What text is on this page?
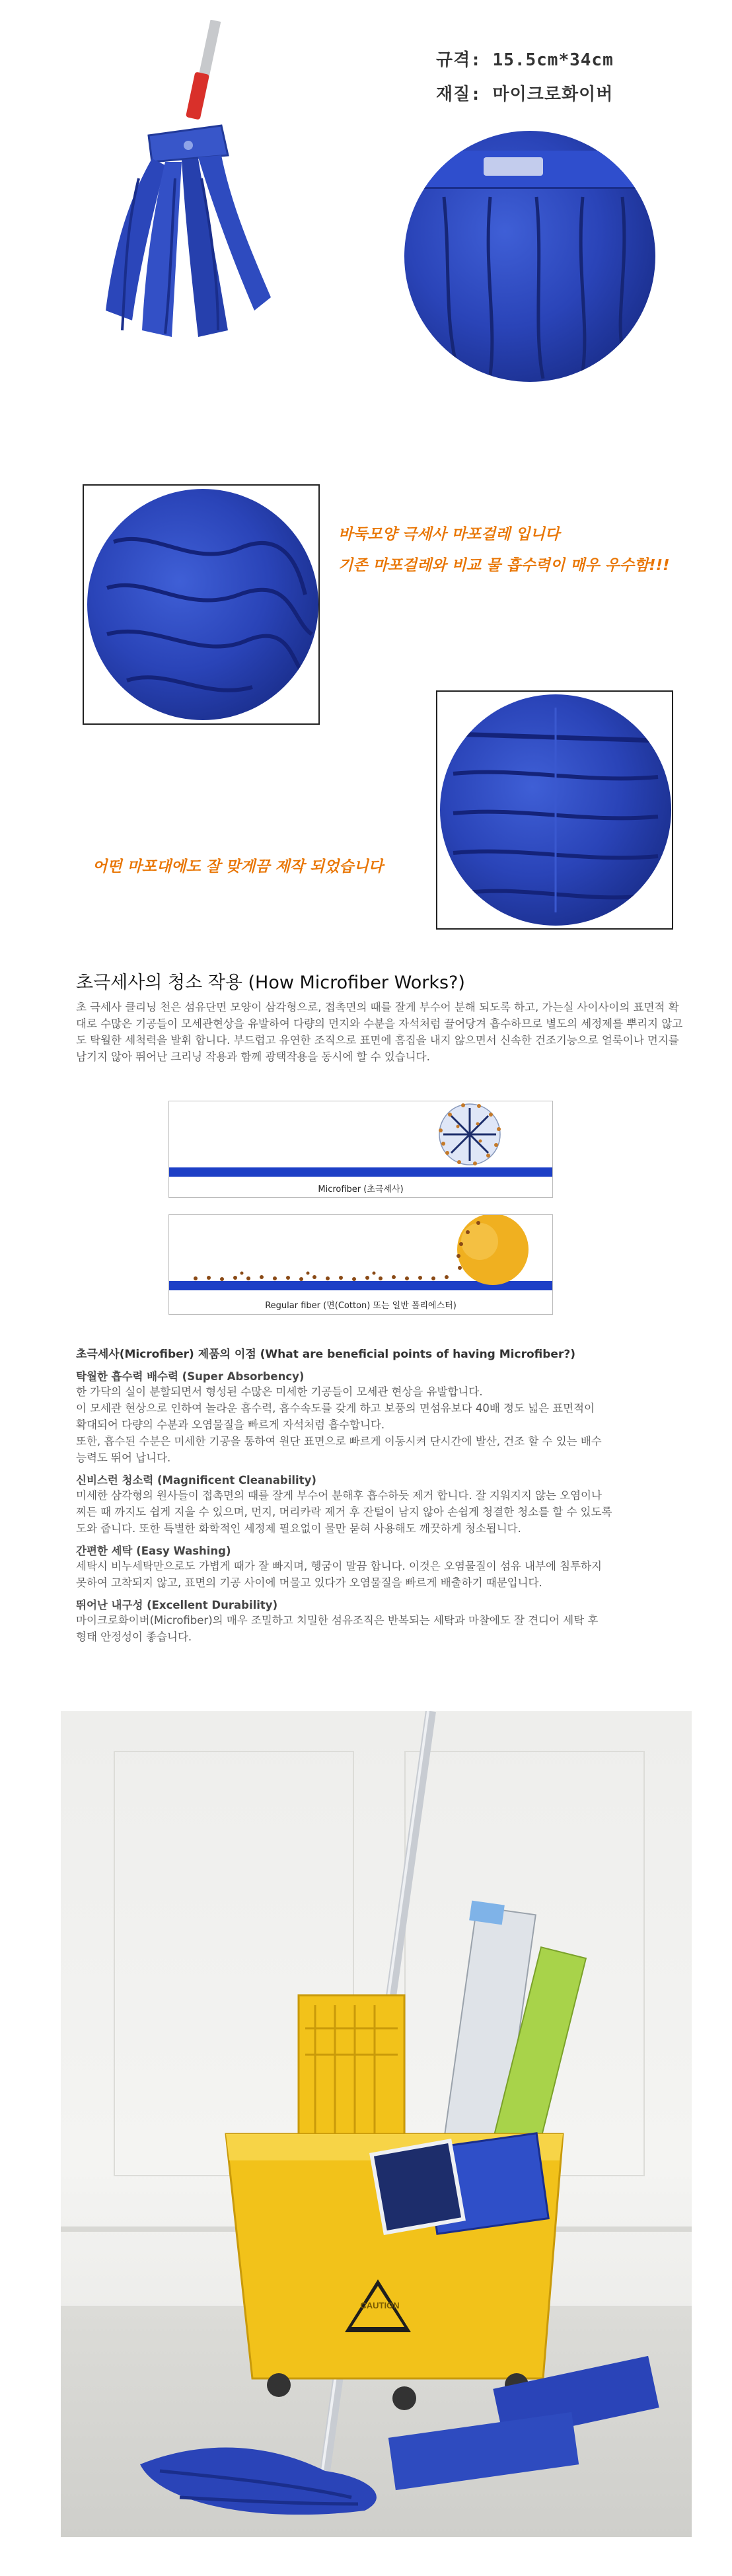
규격: 15.5cm*34cm
재질: 마이크로화이버
바둑모양 극세사 마포걸레 입니다
기존 마포걸레와 비교 물 흡수력이 매우 우수함!!!
어떤 마포대에도 잘 맞게끔 제작 되었습니다
초극세사의 청소 작용 (How Microfiber Works?)
초 극세사 클리닝 천은 섬유단면 모양이 삼각형으로, 접촉면의 때를 잘게 부수어 분해 되도록 하고, 가는실 사이사이의 표면적 확대로 수많은 기공들이 모세관현상을 유발하여 다량의 먼지와 수분을 자석처럼 끌어당겨 흡수하므로 별도의 세정제를 뿌리지 않고도 탁월한 세척력을 발휘 합니다. 부드럽고 유연한 조직으로 표면에 흠집을 내지 않으면서 신속한 건조기능으로 얼룩이나 먼지를 남기지 않아 뛰어난 크리닝 작용과 함께 광택작용을 동시에 할 수 있습니다.
Microfiber (초극세사)
Regular fiber (면(Cotton) 또는 일반 폴리에스터)
초극세사(Microfiber) 제품의 이점 (What are beneficial points of having Microfiber?)
탁월한 흡수력 배수력 (Super Absorbency)
한 가닥의 실이 분할되면서 형성된 수많은 미세한 기공들이 모세관 현상을 유발합니다.
이 모세관 현상으로 인하여 놀라운 흡수력, 흡수속도를 갖게 하고 보풍의 면섬유보다 40배 정도 넓은 표면적이
확대되어 다량의 수분과 오염물질을 빠르게 자석처럼 흡수합니다.
또한, 흡수된 수분은 미세한 기공을 통하여 원단 표면으로 빠르게 이동시켜 단시간에 발산, 건조 할 수 있는 배수
능력도 뛰어 납니다.
신비스런 청소력 (Magnificent Cleanability)
미세한 삼각형의 원사들이 접촉면의 때를 잘게 부수어 분해후 흡수하듯 제거 합니다. 잘 지워지지 않는 오염이나
찌든 때 까지도 쉽게 지울 수 있으며, 먼지, 머리카락 제거 후 잔털이 남지 않아 손쉽게 청결한 청소를 할 수 있도록
도와 줍니다. 또한 특별한 화학적인 세정제 필요없이 물만 묻혀 사용해도 깨끗하게 청소됩니다.
간편한 세탁 (Easy Washing)
세탁시 비누세탁만으로도 가볍게 때가 잘 빠지며, 헹굼이 말끔 합니다. 이것은 오염물질이 섬유 내부에 침투하지
못하여 고착되지 않고, 표면의 기공 사이에 머물고 있다가 오염물질을 빠르게 배출하기 때문입니다.
뛰어난 내구성 (Excellent Durability)
마이크로화이버(Microfiber)의 매우 조밀하고 치밀한 섬유조직은 반복되는 세탁과 마찰에도 잘 견디어 세탁 후
형태 안정성이 좋습니다.
CAUTION
